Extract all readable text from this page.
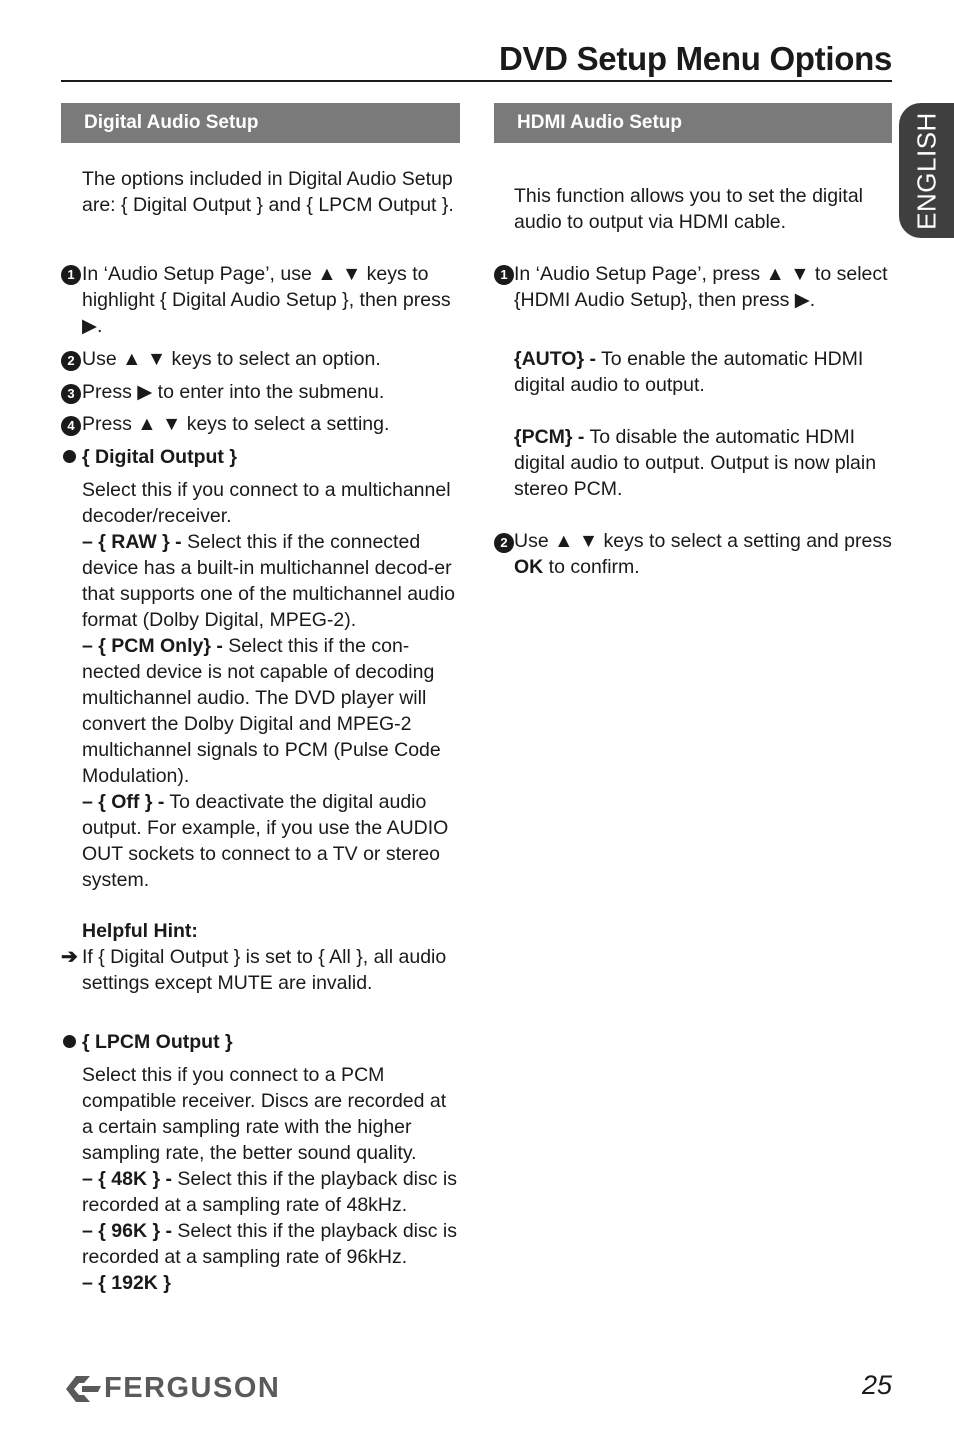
DVD Setup Menu Options
ENGLISH
Digital Audio Setup
The options included in Digital Audio Setup are: { Digital Output } and { LPCM Output }.
1 In ‘Audio Setup Page’, use ▲ ▼ keys to highlight { Digital Audio Setup }, then press ▶.
2 Use ▲ ▼ keys to select an option.
3 Press ▶ to enter into the submenu.
4 Press ▲ ▼ keys to select a setting.
{ Digital Output }
Select this if you connect to a multichannel decoder/receiver.
– { RAW } - Select this if the connected device has a built-in multichannel decod-er that supports one of the multichannel audio format (Dolby Digital, MPEG-2).
– { PCM Only} - Select this if the con-nected device is not capable of decoding multichannel audio. The DVD player will convert the Dolby Digital and MPEG-2 multichannel signals to PCM (Pulse Code Modulation).
– { Off } - To deactivate the digital audio output. For example, if you use the AUDIO OUT sockets to connect to a TV or stereo system.
Helpful Hint:
➔ If { Digital Output } is set to { All }, all audio settings except MUTE are invalid.
{ LPCM Output }
Select this if you connect to a PCM compatible receiver. Discs are recorded at a certain sampling rate with the higher sampling rate, the better sound quality.
– { 48K } - Select this if the playback disc is recorded at a sampling rate of 48kHz.
– { 96K } - Select this if the playback disc is recorded at a sampling rate of 96kHz.
– { 192K }
HDMI Audio Setup
This function allows you to set the digital audio to output via HDMI cable.
1 In ‘Audio Setup Page’, press ▲ ▼ to select {HDMI Audio Setup}, then press ▶.
{AUTO} - To enable the automatic HDMI digital audio to output.
{PCM} - To disable the automatic HDMI digital audio to output. Output is now plain stereo PCM.
2 Use ▲ ▼ keys to select a setting and press OK to confirm.
FERGUSON	25
